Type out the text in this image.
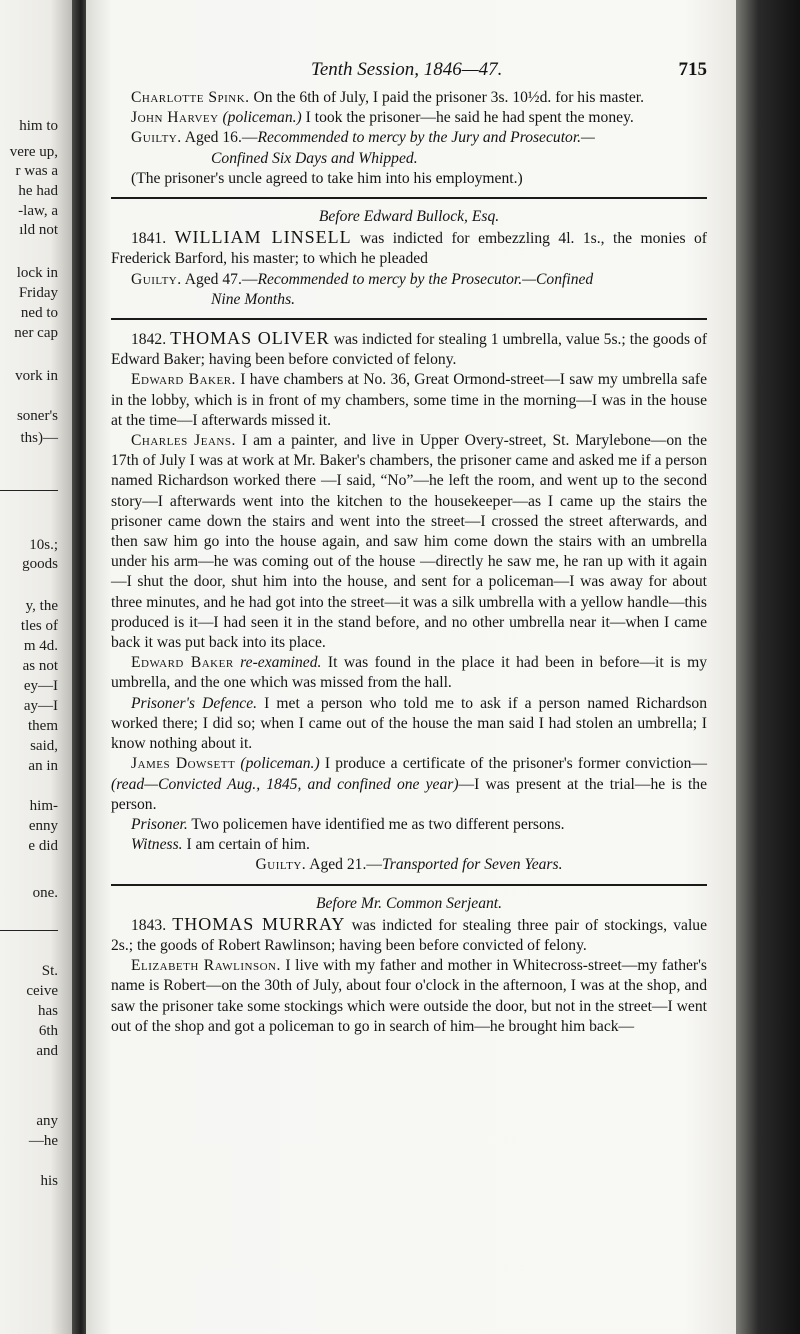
him to
vere up,
r was a
he had
-law, a
ıld not
lock in
Friday
ned to
ner cap
vork in
soner's
ths)—
10s.;
goods
y, the
tles of
m 4d.
as not
ey—I
ay—I
them
said,
an in
him-
enny
e did
one.
St.
ceive
has
6th
and
any
—he
his
Tenth Session, 1846—47.	715

Charlotte Spink. On the 6th of July, I paid the prisoner 3s. 10½d. for his master.

John Harvey (policeman.) I took the prisoner—he said he had spent the money.

Guilty. Aged 16.—Recommended to mercy by the Jury and Prosecutor.—

Confined Six Days and Whipped.

(The prisoner's uncle agreed to take him into his employment.)

Before Edward Bullock, Esq.

1841. WILLIAM LINSELL was indicted for embezzling 4l. 1s., the monies of Frederick Barford, his master; to which he pleaded

Guilty. Aged 47.—Recommended to mercy by the Prosecutor.—Confined

Nine Months.

1842. THOMAS OLIVER was indicted for stealing 1 umbrella, value 5s.; the goods of Edward Baker; having been before convicted of felony.

Edward Baker. I have chambers at No. 36, Great Ormond-street—I saw my umbrella safe in the lobby, which is in front of my chambers, some time in the morning—I was in the house at the time—I afterwards missed it.

Charles Jeans. I am a painter, and live in Upper Overy-street, St. Marylebone—on the 17th of July I was at work at Mr. Baker's chambers, the prisoner came and asked me if a person named Richardson worked there —I said, “No”—he left the room, and went up to the second story—I afterwards went into the kitchen to the housekeeper—as I came up the stairs the prisoner came down the stairs and went into the street—I crossed the street afterwards, and then saw him go into the house again, and saw him come down the stairs with an umbrella under his arm—he was coming out of the house —directly he saw me, he ran up with it again—I shut the door, shut him into the house, and sent for a policeman—I was away for about three minutes, and he had got into the street—it was a silk umbrella with a yellow handle—this produced is it—I had seen it in the stand before, and no other umbrella near it—when I came back it was put back into its place.

Edward Baker re-examined. It was found in the place it had been in before—it is my umbrella, and the one which was missed from the hall.

Prisoner's Defence. I met a person who told me to ask if a person named Richardson worked there; I did so; when I came out of the house the man said I had stolen an umbrella; I know nothing about it.

James Dowsett (policeman.) I produce a certificate of the prisoner's former conviction—(read—Convicted Aug., 1845, and confined one year)—I was present at the trial—he is the person.

Prisoner. Two policemen have identified me as two different persons.

Witness. I am certain of him.

Guilty. Aged 21.—Transported for Seven Years.

Before Mr. Common Serjeant.

1843. THOMAS MURRAY was indicted for stealing three pair of stockings, value 2s.; the goods of Robert Rawlinson; having been before convicted of felony.

Elizabeth Rawlinson. I live with my father and mother in Whitecross-street—my father's name is Robert—on the 30th of July, about four o'clock in the afternoon, I was at the shop, and saw the prisoner take some stockings which were outside the door, but not in the street—I went out of the shop and got a policeman to go in search of him—he brought him back—
